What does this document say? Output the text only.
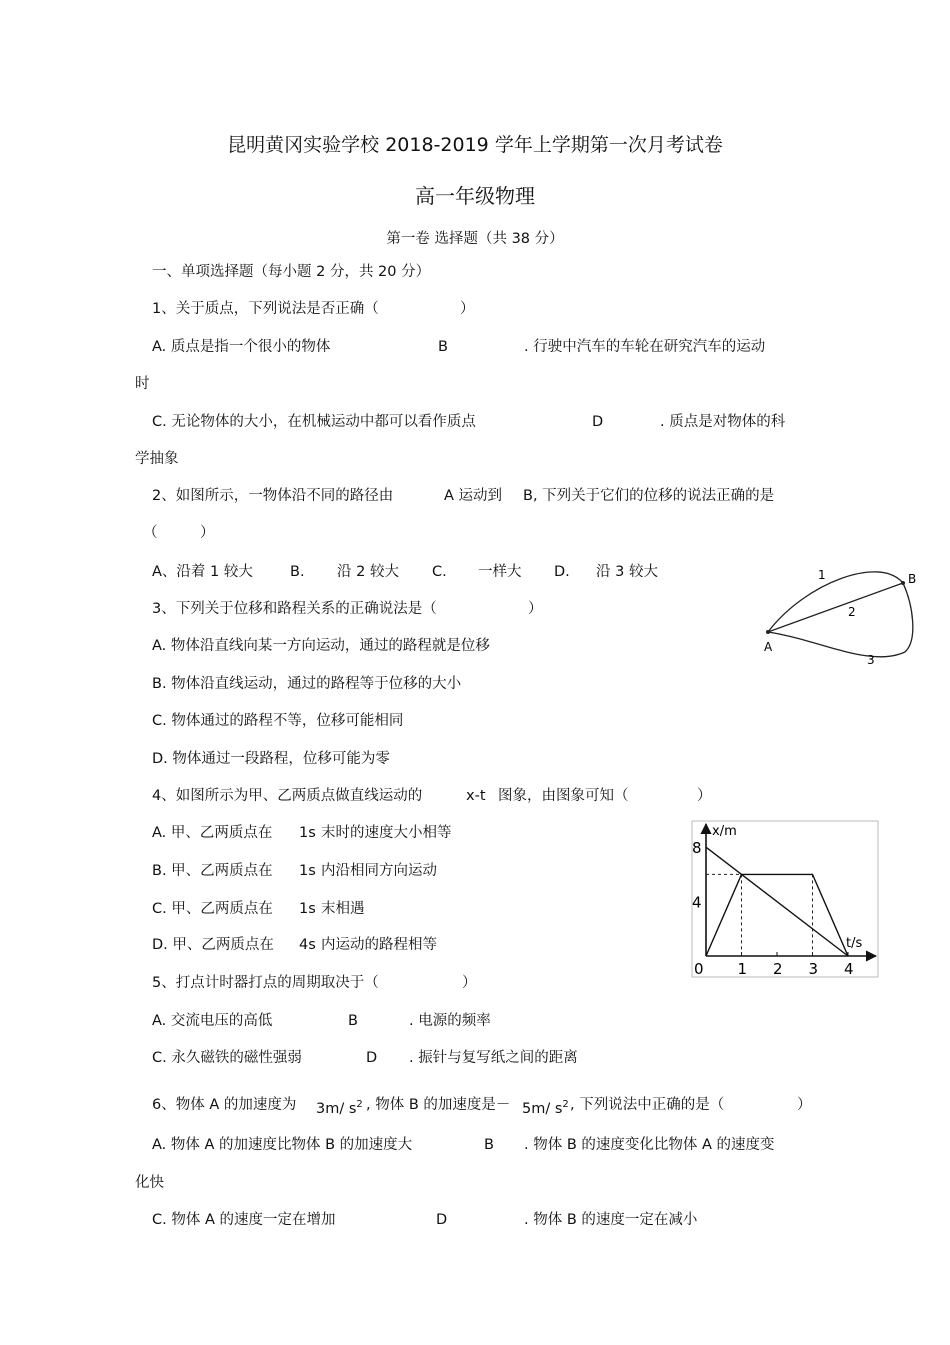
昆明黄冈实验学校 2018-2019 学年上学期第一次月考试卷
高一年级物理
第一卷 选择题（共 38 分）
一、单项选择题（每小题 2 分，共 20 分）
1、关于质点，下列说法是否正确（	）
A. 质点是指一个很小的物体	B	. 行驶中汽车的车轮在研究汽车的运动
时
C. 无论物体的大小，在机械运动中都可以看作质点	D	. 质点是对物体的科
学抽象
2、如图所示，一物体沿不同的路径由	A 运动到 B, 下列关于它们的位移的说法正确的是
（	）
A、沿着 1 较大	B. 沿 2 较大 C. 一样大 D. 沿 3 较大
A
B
1
2
3
3、下列关于位移和路程关系的正确说法是（	）
A. 物体沿直线向某一方向运动，通过的路程就是位移
B. 物体沿直线运动，通过的路程等于位移的大小
C. 物体通过的路程不等，位移可能相同
D. 物体通过一段路程，位移可能为零
4、如图所示为甲、乙两质点做直线运动的	x-t 图象，由图象可知（	）
A. 甲、乙两质点在 1s 末时的速度大小相等
B. 甲、乙两质点在 1s 内沿相同方向运动
C. 甲、乙两质点在 1s 末相遇
D. 甲、乙两质点在 4s 内运动的路程相等
x/m
t/s
0 1 2 3 4
4
8
5、打点计时器打点的周期取决于（	）
A. 交流电压的高低	B	. 电源的频率
C. 永久磁铁的磁性强弱	D . 振针与复写纸之间的距离
6、物体 A 的加速度为 3m/ $s^2$ , 物体 B 的加速度是－ 5m/ $s^2$ , 下列说法中正确的是（	）
A. 物体 A 的加速度比物体 B 的加速度大	B . 物体 B 的速度变化比物体 A 的速度变
化快
C. 物体 A 的速度一定在增加	D	. 物体 B 的速度一定在减小
